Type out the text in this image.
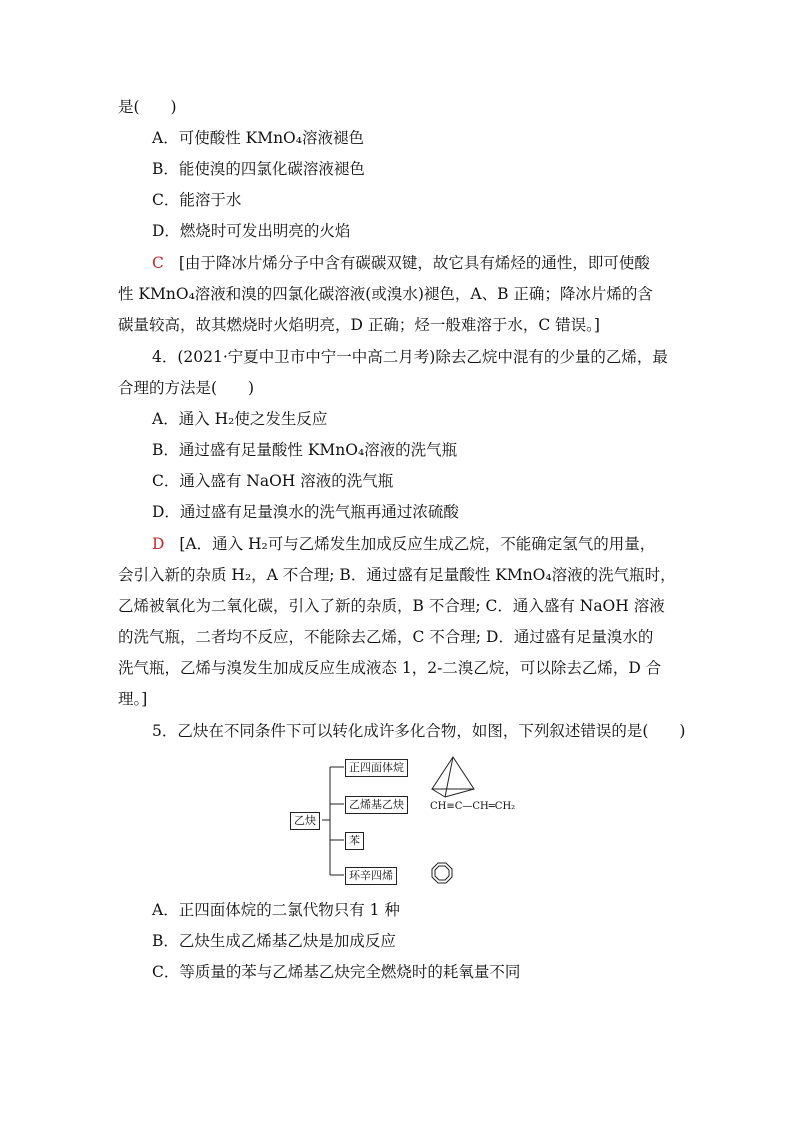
是(　　)
A．可使酸性 KMnO₄溶液褪色
B．能使溴的四氯化碳溶液褪色
C．能溶于水
D．燃烧时可发出明亮的火焰
C [由于降冰片烯分子中含有碳碳双键，故它具有烯烃的通性，即可使酸
性 KMnO₄溶液和溴的四氯化碳溶液(或溴水)褪色，A、B 正确；降冰片烯的含
碳量较高，故其燃烧时火焰明亮，D 正确；烃一般难溶于水，C 错误。]
4．(2021·宁夏中卫市中宁一中高二月考)除去乙烷中混有的少量的乙烯，最
合理的方法是(　　)
A．通入 H₂使之发生反应
B．通过盛有足量酸性 KMnO₄溶液的洗气瓶
C．通入盛有 NaOH 溶液的洗气瓶
D．通过盛有足量溴水的洗气瓶再通过浓硫酸
D [A．通入 H₂可与乙烯发生加成反应生成乙烷，不能确定氢气的用量，
会引入新的杂质 H₂，A 不合理; B．通过盛有足量酸性 KMnO₄溶液的洗气瓶时，
乙烯被氧化为二氧化碳，引入了新的杂质，B 不合理; C．通入盛有 NaOH 溶液
的洗气瓶，二者均不反应，不能除去乙烯，C 不合理; D．通过盛有足量溴水的
洗气瓶，乙烯与溴发生加成反应生成液态 1，2-二溴乙烷，可以除去乙烯，D 合
理。]
5．乙炔在不同条件下可以转化成许多化合物，如图，下列叙述错误的是(　　)
乙炔
正四面体烷
乙烯基乙炔
苯
环辛四烯
CH≡C—CH═CH₂
A．正四面体烷的二氯代物只有 1 种
B．乙炔生成乙烯基乙炔是加成反应
C．等质量的苯与乙烯基乙炔完全燃烧时的耗氧量不同
